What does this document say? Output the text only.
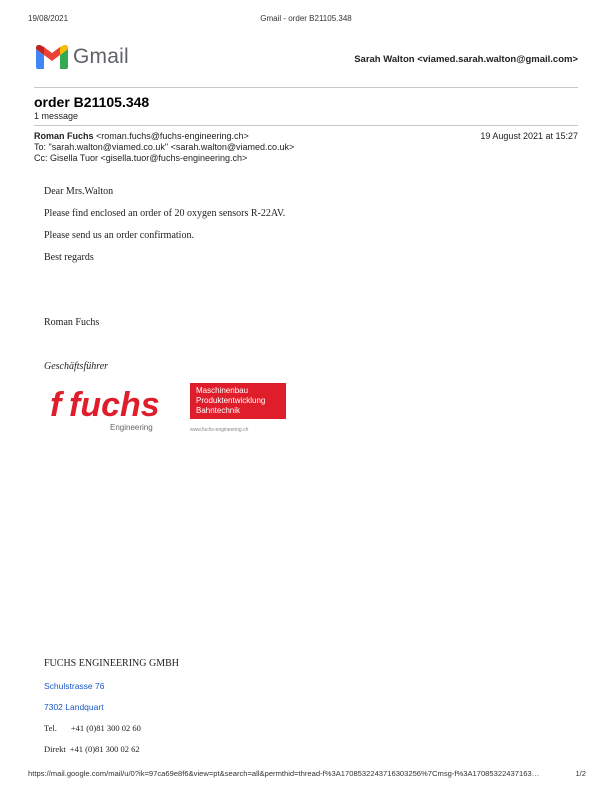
19/08/2021	Gmail - order B21105.348
Gmail	Sarah Walton <viamed.sarah.walton@gmail.com>
order B21105.348
1 message
Roman Fuchs <roman.fuchs@fuchs-engineering.ch>	19 August 2021 at 15:27
To: "sarah.walton@viamed.co.uk" <sarah.walton@viamed.co.uk>
Cc: Gisella Tuor <gisella.tuor@fuchs-engineering.ch>
Dear Mrs.Walton
Please find enclosed an order of 20 oxygen sensors R-22AV.
Please send us an order confirmation.
Best regards
Roman Fuchs
Geschäftsführer
f fuchs
Engineering
Maschinenbau
Produktentwicklung
Bahntechnik
www.fuchs-engineering.ch
FUCHS ENGINEERING GMBH
Schulstrasse 76
7302 Landquart
Tel. +41 (0)81 300 02 60
Direkt +41 (0)81 300 02 62
https://mail.google.com/mail/u/0?ik=97ca69e8f6&view=pt&search=all&permthid=thread-f%3A1708532243716303256%7Cmsg-f%3A17085322437163…	1/2
